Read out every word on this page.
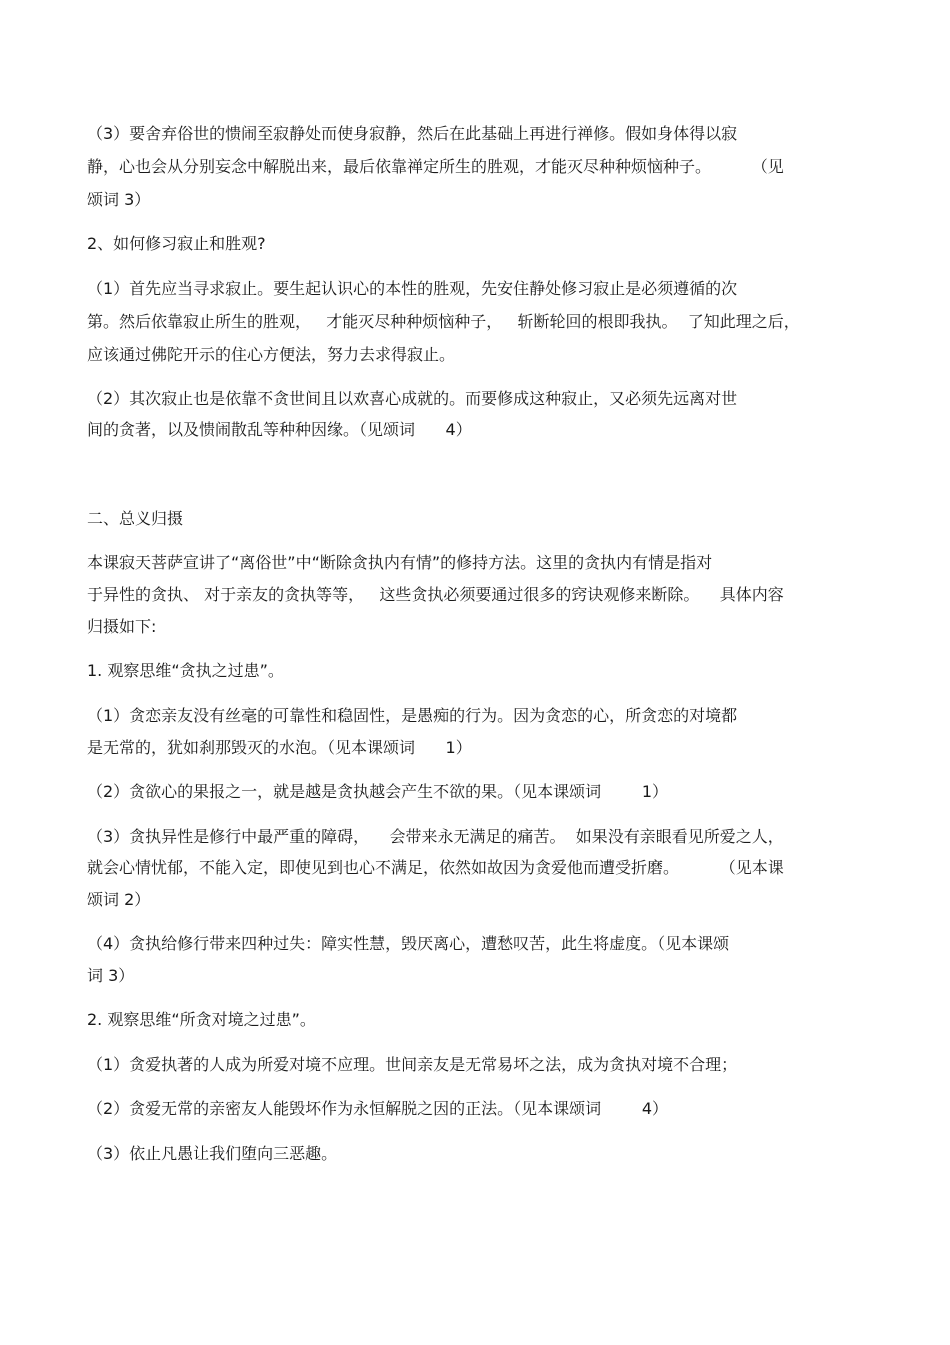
（3）要舍弃俗世的愦闹至寂静处而使身寂静，然后在此基础上再进行禅修。假如身体得以寂

静，心也会从分别妄念中解脱出来，最后依靠禅定所生的胜观，才能灭尽种种烦恼种子。        （见

颂词 3）

2、如何修习寂止和胜观?

（1）首先应当寻求寂止。要生起认识心的本性的胜观，先安住静处修习寂止是必须遵循的次

第。然后依靠寂止所生的胜观，   才能灭尽种种烦恼种子，   斩断轮回的根即我执。  了知此理之后，

应该通过佛陀开示的住心方便法，努力去求得寂止。

（2）其次寂止也是依靠不贪世间且以欢喜心成就的。而要修成这种寂止，又必须先远离对世

间的贪著，以及愦闹散乱等种种因缘。（见颂词      4）

二、总义归摄

本课寂天菩萨宣讲了“离俗世”中“断除贪执内有情”的修持方法。这里的贪执内有情是指对

于异性的贪执、 对于亲友的贪执等等，   这些贪执必须要通过很多的窍诀观修来断除。    具体内容

归摄如下:

1. 观察思维“贪执之过患”。

（1）贪恋亲友没有丝毫的可靠性和稳固性，是愚痴的行为。因为贪恋的心，所贪恋的对境都

是无常的，犹如刹那毁灭的水泡。（见本课颂词      1）

（2）贪欲心的果报之一，就是越是贪执越会产生不欲的果。（见本课颂词        1）

（3）贪执异性是修行中最严重的障碍，    会带来永无满足的痛苦。  如果没有亲眼看见所爱之人，

就会心情忧郁，不能入定，即使见到也心不满足，依然如故因为贪爱他而遭受折磨。        （见本课

颂词 2）

（4）贪执给修行带来四种过失：障实性慧，毁厌离心，遭愁叹苦，此生将虚度。（见本课颂

词 3）

2. 观察思维“所贪对境之过患”。

（1）贪爱执著的人成为所爱对境不应理。世间亲友是无常易坏之法，成为贪执对境不合理；

（2）贪爱无常的亲密友人能毁坏作为永恒解脱之因的正法。（见本课颂词        4）

（3）依止凡愚让我们堕向三恶趣。
